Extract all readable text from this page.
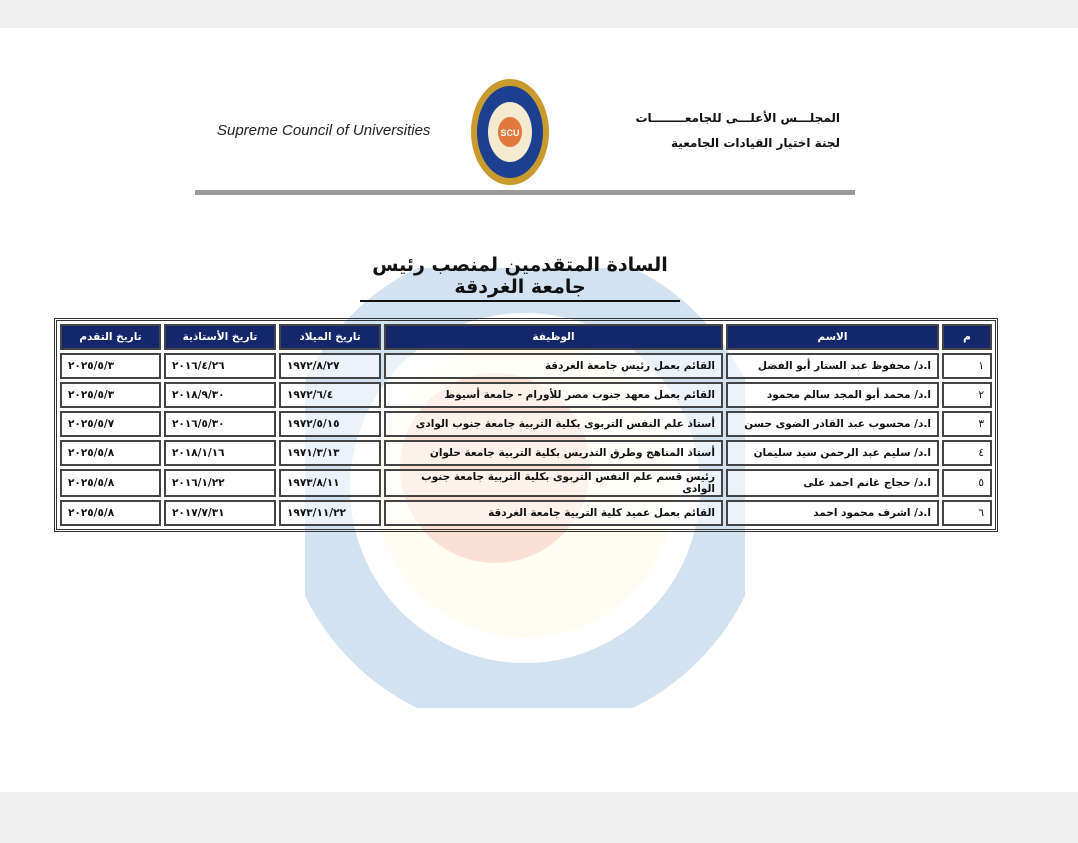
Supreme Council of Universities	SCU
المجلـــس الأعلـــى للجامعــــــــات
لجنة اختيار القيادات الجامعية
السادة المتقدمين لمنصب رئيس جامعة الغردقة
م	الاسم	الوظيفة	تاريخ الميلاد	تاريخ الأستاذية	تاريخ التقدم
١	ا.د/ محفوظ عبد الستار أبو الفضل	القائم بعمل رئيس جامعة الغردقة	١٩٧٢/٨/٢٧	٢٠١٦/٤/٢٦	٢٠٢٥/٥/٣
٢	ا.د/ محمد أبو المجد سالم محمود	القائم بعمل معهد جنوب مصر للأورام - جامعة أسيوط	١٩٧٢/٦/٤	٢٠١٨/٩/٣٠	٢٠٢٥/٥/٣
٣	ا.د/ محسوب عبد القادر الضوى حسن	أستاذ علم النفس التربوى بكلية التربية جامعة جنوب الوادى	١٩٧٢/٥/١٥	٢٠١٦/٥/٣٠	٢٠٢٥/٥/٧
٤	ا.د/ سليم عبد الرحمن سيد سليمان	أستاذ المناهج وطرق التدريس بكلية التربية جامعة حلوان	١٩٧١/٣/١٣	٢٠١٨/١/١٦	٢٠٢٥/٥/٨
٥	ا.د/ حجاج غانم احمد على	رئيس قسم علم النفس التربوى بكلية التربية جامعة جنوب الوادى	١٩٧٣/٨/١١	٢٠١٦/١/٢٢	٢٠٢٥/٥/٨
٦	ا.د/ اشرف محمود احمد	القائم بعمل عميد كلية التربية جامعة الغردقة	١٩٧٣/١١/٢٢	٢٠١٧/٧/٣١	٢٠٢٥/٥/٨
